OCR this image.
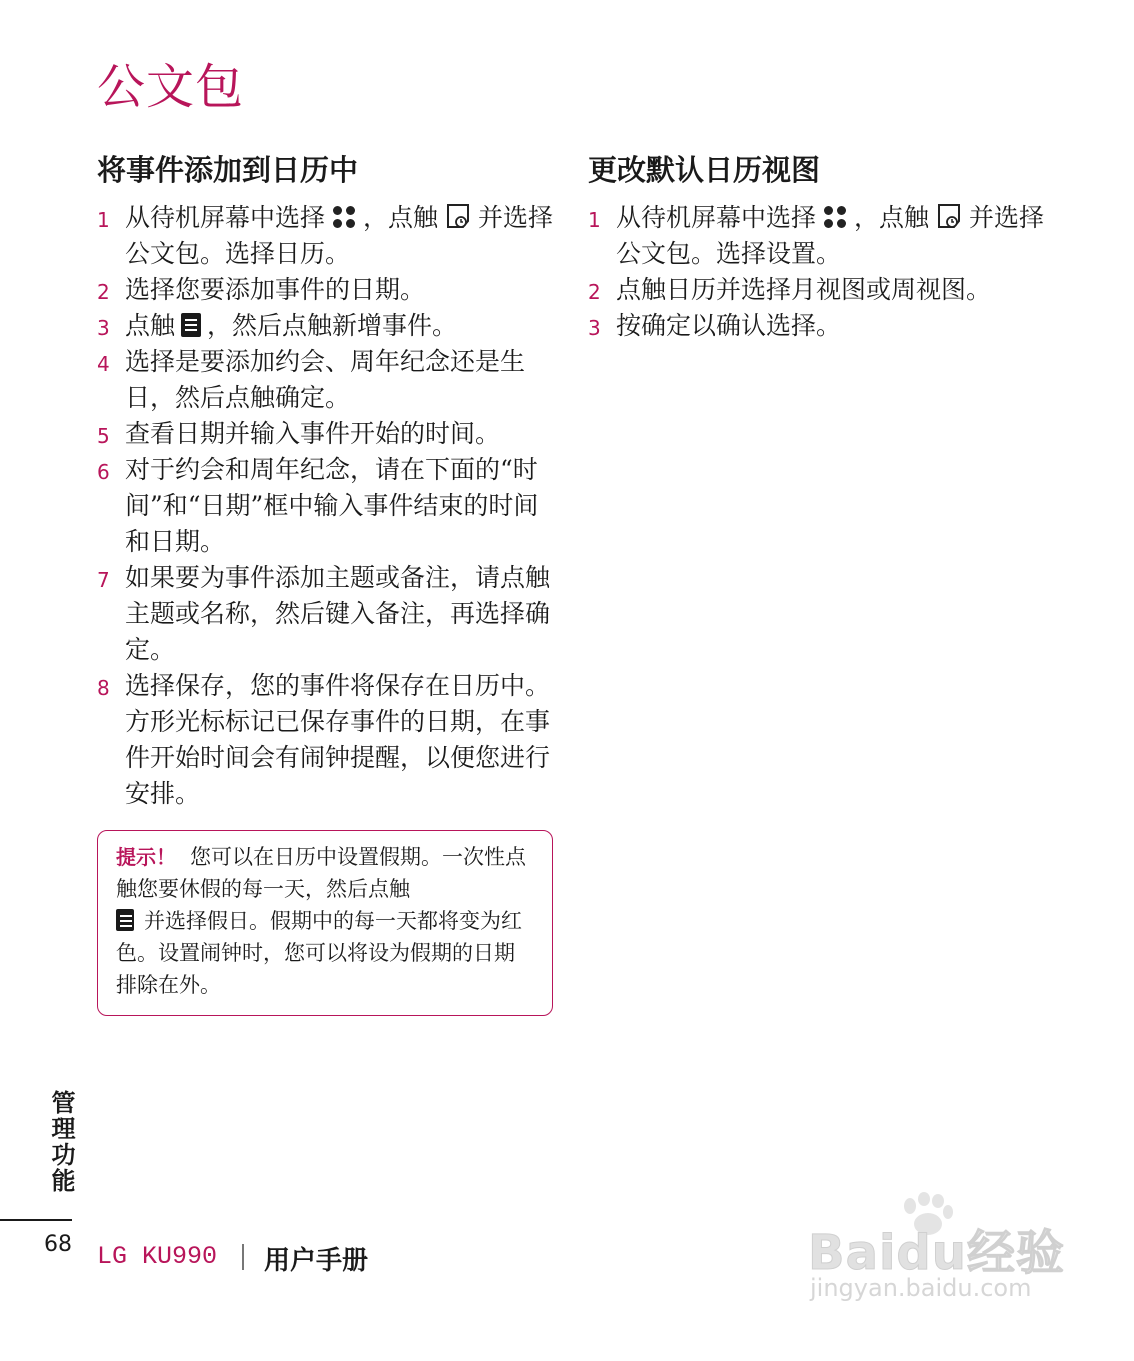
公文包
将事件添加到日历中
1 从待机屏幕中选择 ，点触 并选择公文包。选择日历。
2 选择您要添加事件的日期。
3 点触 ，然后点触新增事件。
4 选择是要添加约会、周年纪念还是生日，然后点触确定。
5 查看日期并输入事件开始的时间。
6 对于约会和周年纪念，请在下面的“时间”和“日期”框中输入事件结束的时间和日期。
7 如果要为事件添加主题或备注，请点触主题或名称，然后键入备注，再选择确定。
8 选择保存，您的事件将保存在日历中。方形光标标记已保存事件的日期，在事件开始时间会有闹钟提醒，以便您进行安排。
更改默认日历视图
1 从待机屏幕中选择 ，点触 并选择公文包。选择设置。
2 点触日历并选择月视图或周视图。
3 按确定以确认选择。
提示！ 您可以在日历中设置假期。一次性点触您要休假的每一天，然后点触

并选择假日。假期中的每一天都将变为红色。设置闹钟时，您可以将设为假期的日期排除在外。
管理功能
68 LG KU990 用户手册	Baidu经验
jingyan.baidu.com
